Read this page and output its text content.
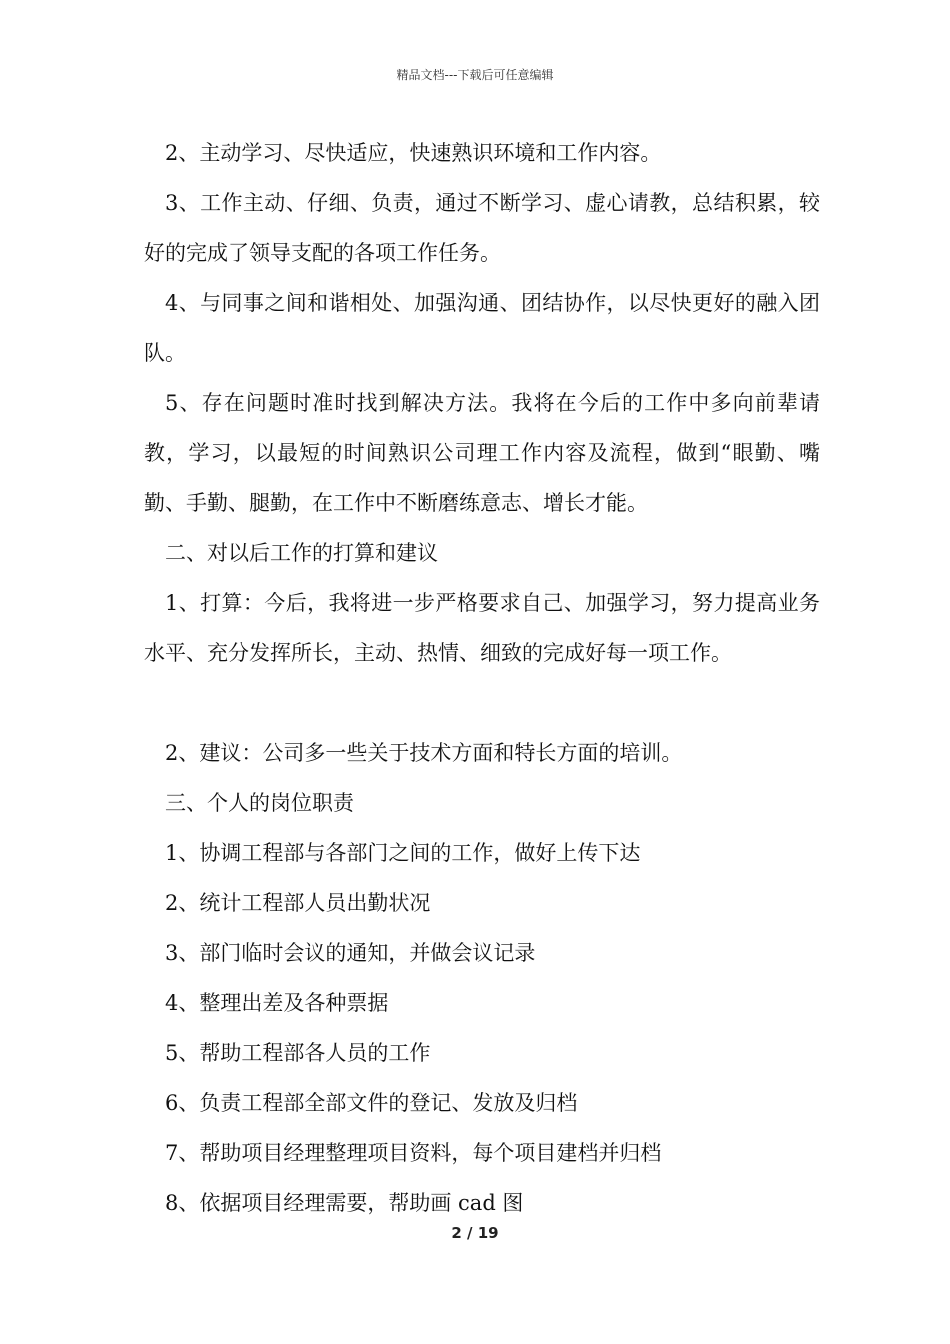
精品文档---下载后可任意编辑

2、主动学习、尽快适应，快速熟识环境和工作内容。

3、工作主动、仔细、负责，通过不断学习、虚心请教，总结积累，较好的完成了领导支配的各项工作任务。

4、与同事之间和谐相处、加强沟通、团结协作，以尽快更好的融入团队。

5、存在问题时准时找到解决方法。我将在今后的工作中多向前辈请教，学习，以最短的时间熟识公司理工作内容及流程，做到“眼勤、嘴勤、手勤、腿勤，在工作中不断磨练意志、增长才能。

二、对以后工作的打算和建议

1、打算：今后，我将进一步严格要求自己、加强学习，努力提高业务水平、充分发挥所长，主动、热情、细致的完成好每一项工作。

2、建议：公司多一些关于技术方面和特长方面的培训。

三、个人的岗位职责

1、协调工程部与各部门之间的工作，做好上传下达

2、统计工程部人员出勤状况

3、部门临时会议的通知，并做会议记录

4、整理出差及各种票据

5、帮助工程部各人员的工作

6、负责工程部全部文件的登记、发放及归档

7、帮助项目经理整理项目资料，每个项目建档并归档

8、依据项目经理需要，帮助画 cad 图

2 / 19
